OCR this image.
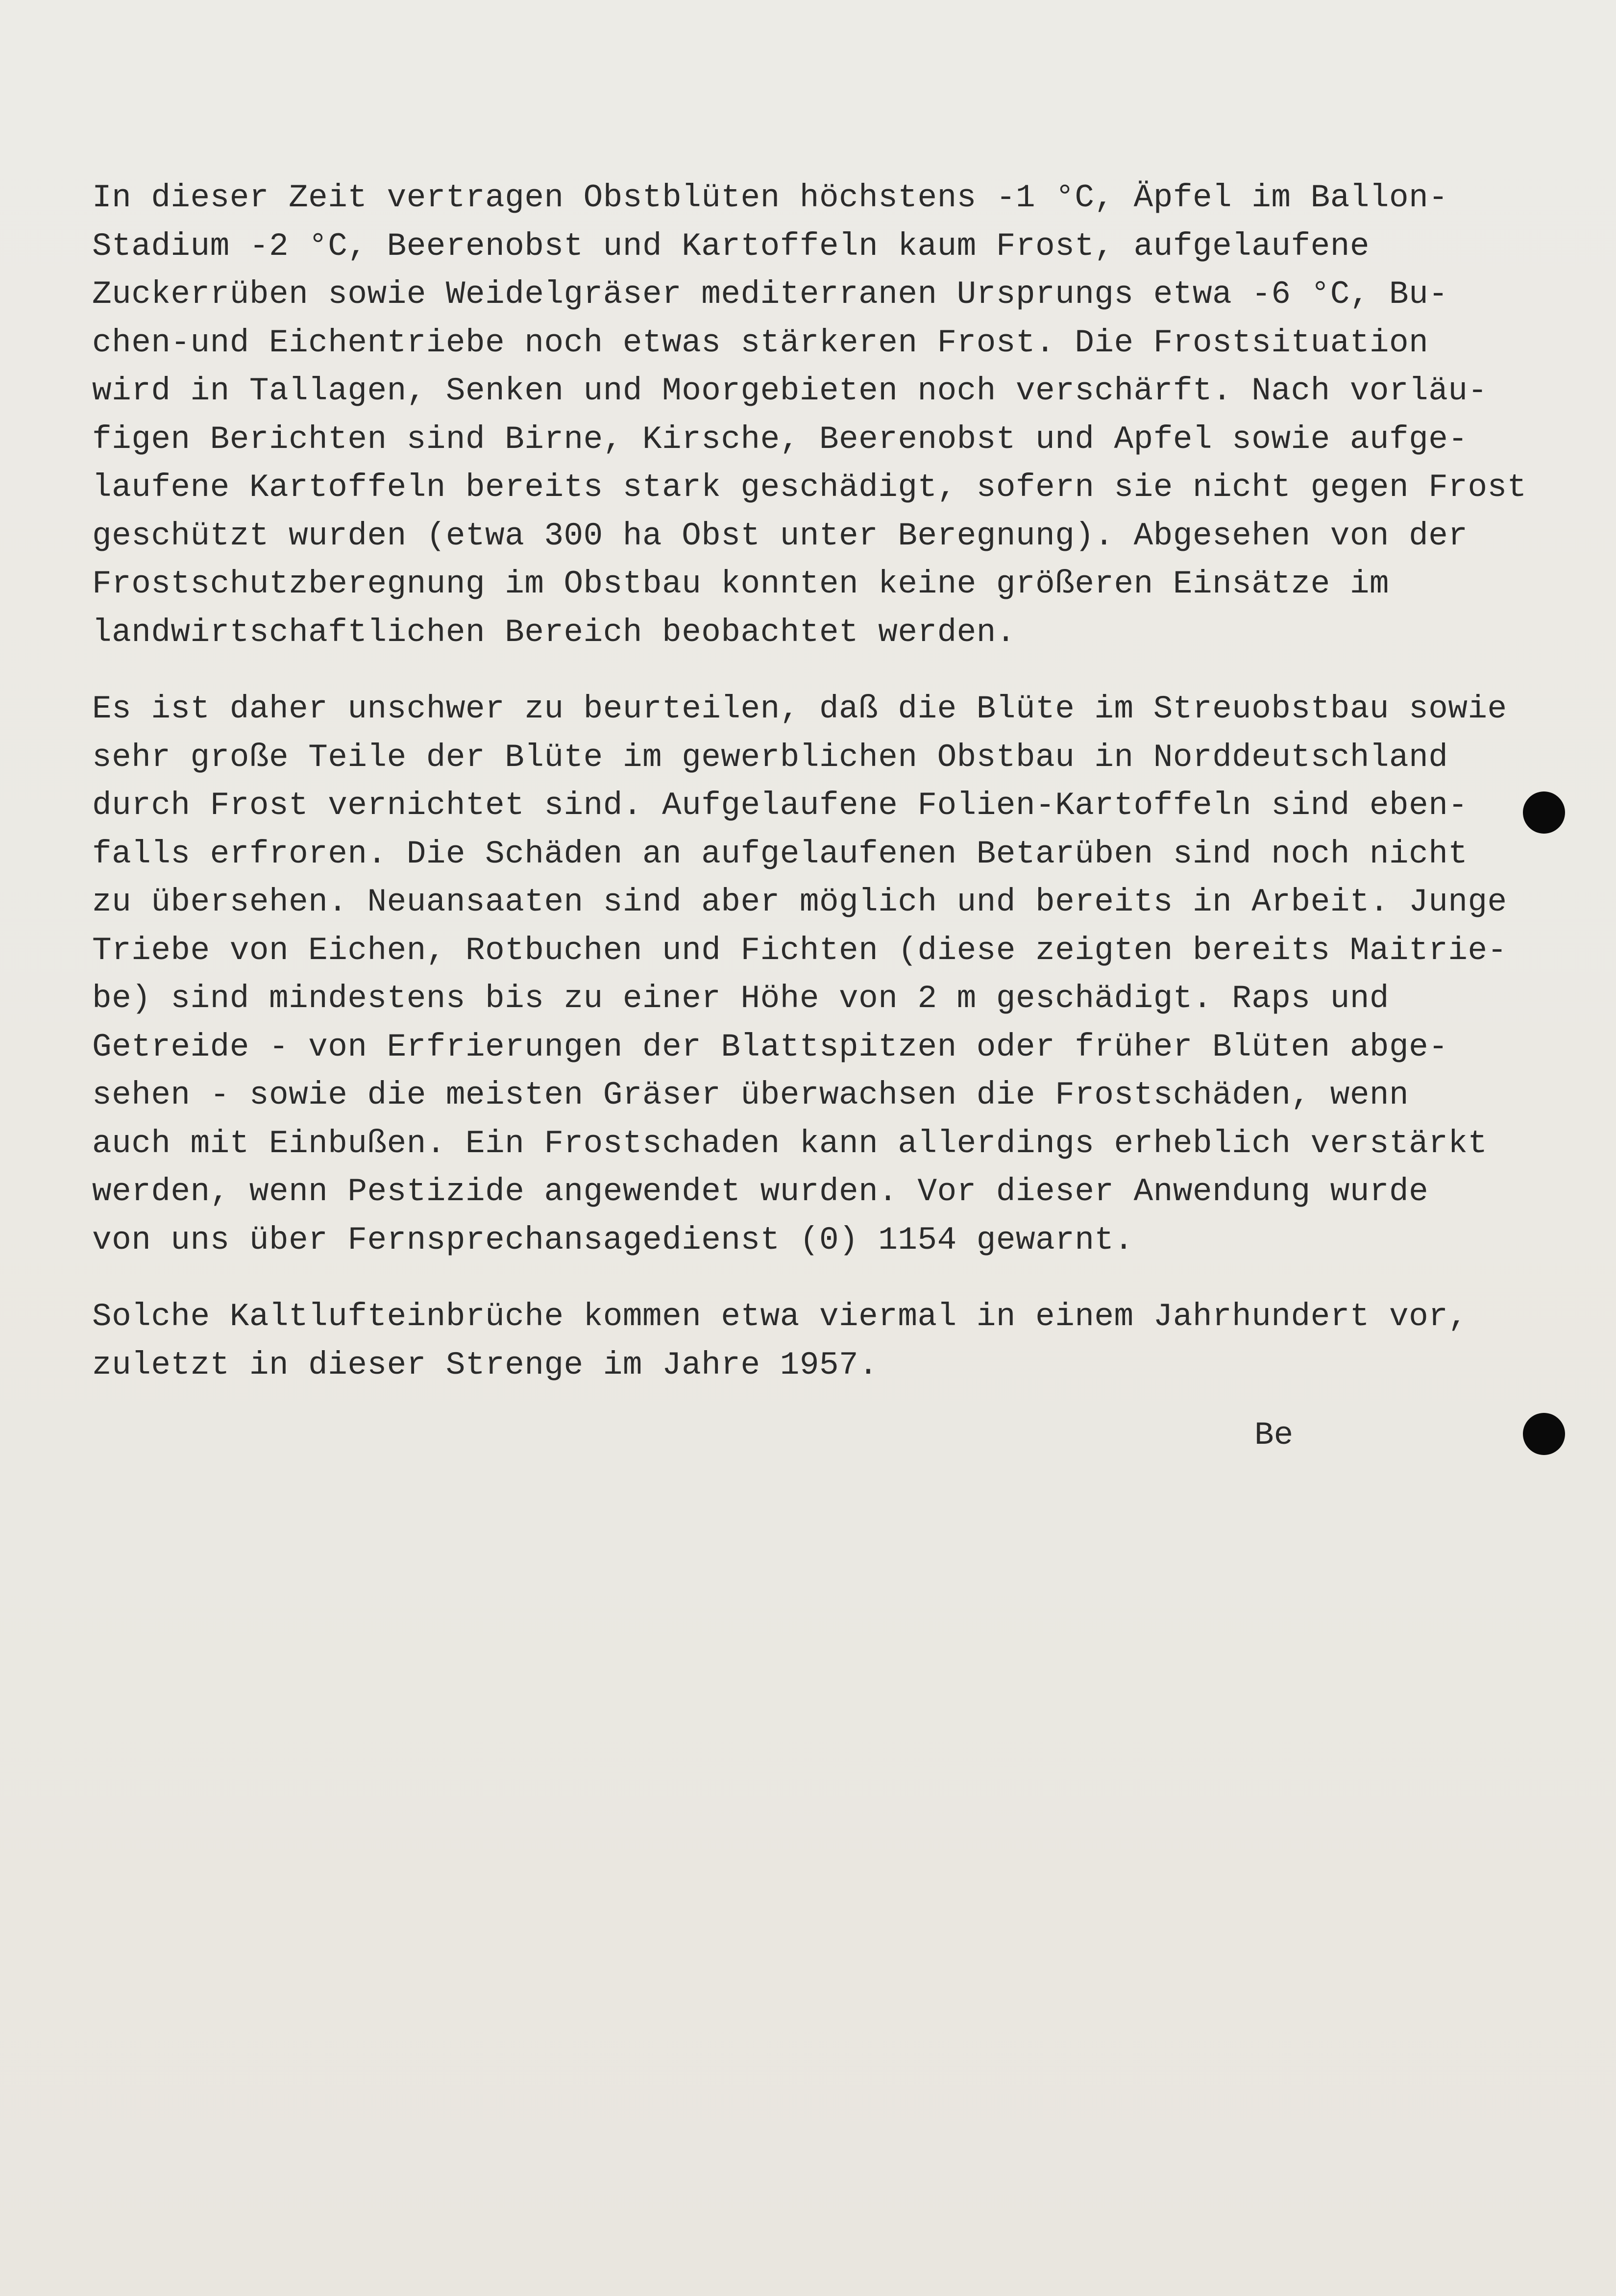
In dieser Zeit vertragen Obstblüten höchstens -1 °C, Äpfel im Ballon-
Stadium -2 °C, Beerenobst und Kartoffeln kaum Frost, aufgelaufene
Zuckerrüben sowie Weidelgräser mediterranen Ursprungs etwa -6 °C, Bu-
chen-und Eichentriebe noch etwas stärkeren Frost. Die Frostsituation
wird in Tallagen, Senken und Moorgebieten noch verschärft. Nach vorläu-
figen Berichten sind Birne, Kirsche, Beerenobst und Apfel sowie aufge-
laufene Kartoffeln bereits stark geschädigt, sofern sie nicht gegen Frost
geschützt wurden (etwa 300 ha Obst unter Beregnung). Abgesehen von der
Frostschutzberegnung im Obstbau konnten keine größeren Einsätze im
landwirtschaftlichen Bereich beobachtet werden.
Es ist daher unschwer zu beurteilen, daß die Blüte im Streuobstbau sowie
sehr große Teile der Blüte im gewerblichen Obstbau in Norddeutschland
durch Frost vernichtet sind. Aufgelaufene Folien-Kartoffeln sind eben-
falls erfroren. Die Schäden an aufgelaufenen Betarüben sind noch nicht
zu übersehen. Neuansaaten sind aber möglich und bereits in Arbeit. Junge
Triebe von Eichen, Rotbuchen und Fichten (diese zeigten bereits Maitrie-
be) sind mindestens bis zu einer Höhe von 2 m geschädigt. Raps und
Getreide - von Erfrierungen der Blattspitzen oder früher Blüten abge-
sehen - sowie die meisten Gräser überwachsen die Frostschäden, wenn
auch mit Einbußen. Ein Frostschaden kann allerdings erheblich verstärkt
werden, wenn Pestizide angewendet wurden. Vor dieser Anwendung wurde
von uns über Fernsprechansagedienst (0) 1154 gewarnt.
Solche Kaltlufteinbrüche kommen etwa viermal in einem Jahrhundert vor,
zuletzt in dieser Strenge im Jahre 1957.
Be
